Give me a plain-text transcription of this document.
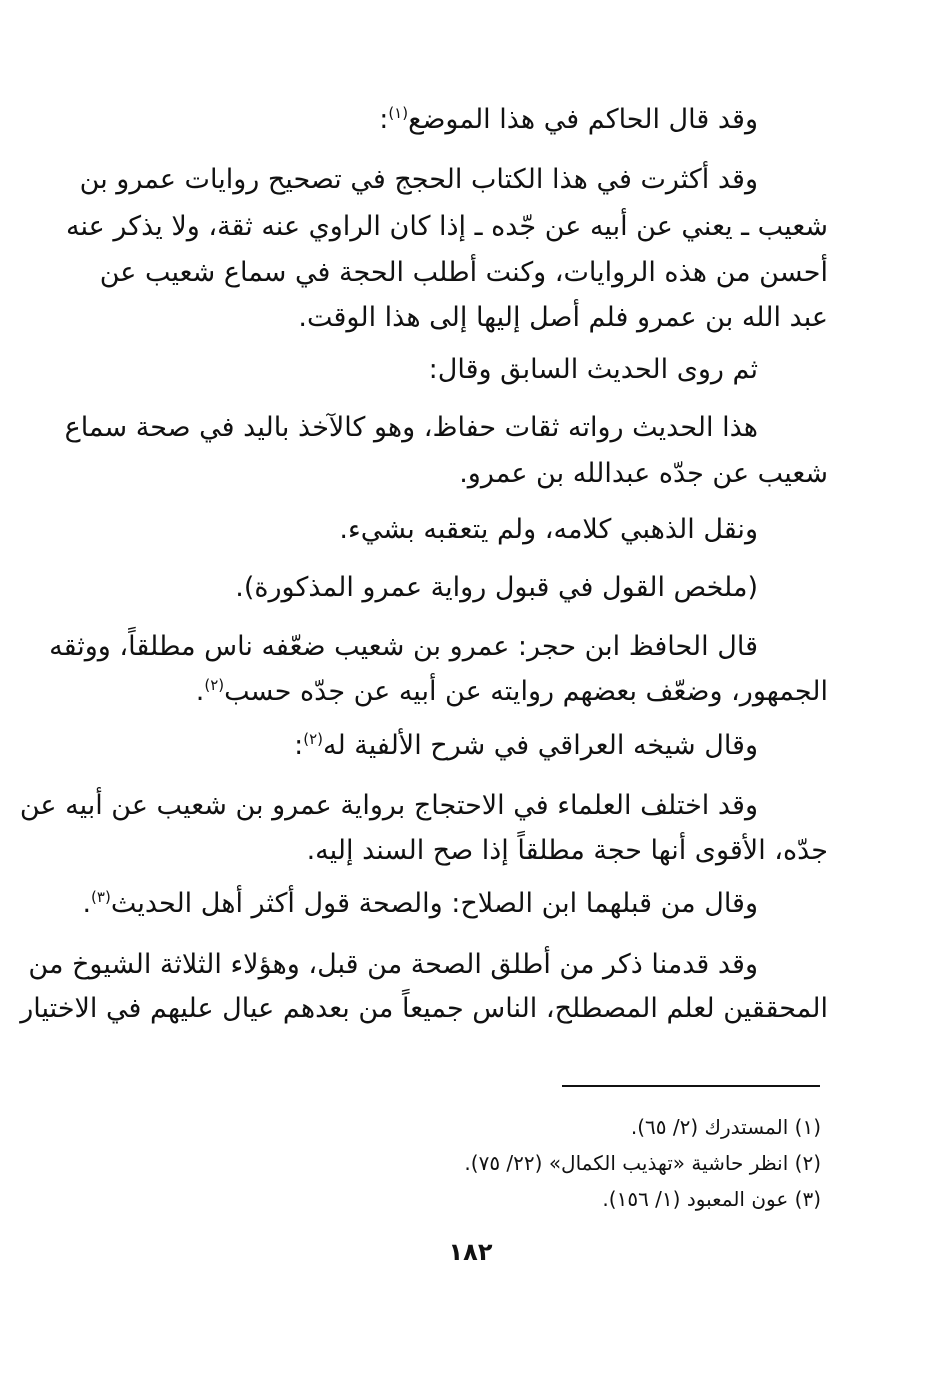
وقد قال الحاكم في هذا الموضع$^{(١)}$:
وقد أكثرت في هذا الكتاب الحجج في تصحيح روايات عمرو بن
شعيب ـ يعني عن أبيه عن جّده ـ إذا كان الراوي عنه ثقة، ولا يذكر عنه
أحسن من هذه الروايات، وكنت أطلب الحجة في سماع شعيب عن
عبد الله بن عمرو فلم أصل إليها إلى هذا الوقت.
ثم روى الحديث السابق وقال:
هذا الحديث رواته ثقات حفاظ، وهو كالآخذ باليد في صحة سماع
شعيب عن جدّه عبدالله بن عمرو.
ونقل الذهبي كلامه، ولم يتعقبه بشيء.
(ملخص القول في قبول رواية عمرو المذكورة).
قال الحافظ ابن حجر: عمرو بن شعيب ضعّفه ناس مطلقاً، ووثقه
الجمهور، وضعّف بعضهم روايته عن أبيه عن جدّه حسب$^{(٢)}$.
وقال شيخه العراقي في شرح الألفية له$^{(٢)}$:
وقد اختلف العلماء في الاحتجاج برواية عمرو بن شعيب عن أبيه عن
جدّه، الأقوى أنها حجة مطلقاً إذا صح السند إليه.
وقال من قبلهما ابن الصلاح: والصحة قول أكثر أهل الحديث$^{(٣)}$.
وقد قدمنا ذكر من أطلق الصحة من قبل، وهؤلاء الثلاثة الشيوخ من
المحققين لعلم المصطلح، الناس جميعاً من بعدهم عيال عليهم في الاختيار
(١) المستدرك (٢/ ٦٥).
(٢) انظر حاشية «تهذيب الكمال» (٢٢/ ٧٥).
(٣) عون المعبود (١/ ١٥٦).
١٨٢
